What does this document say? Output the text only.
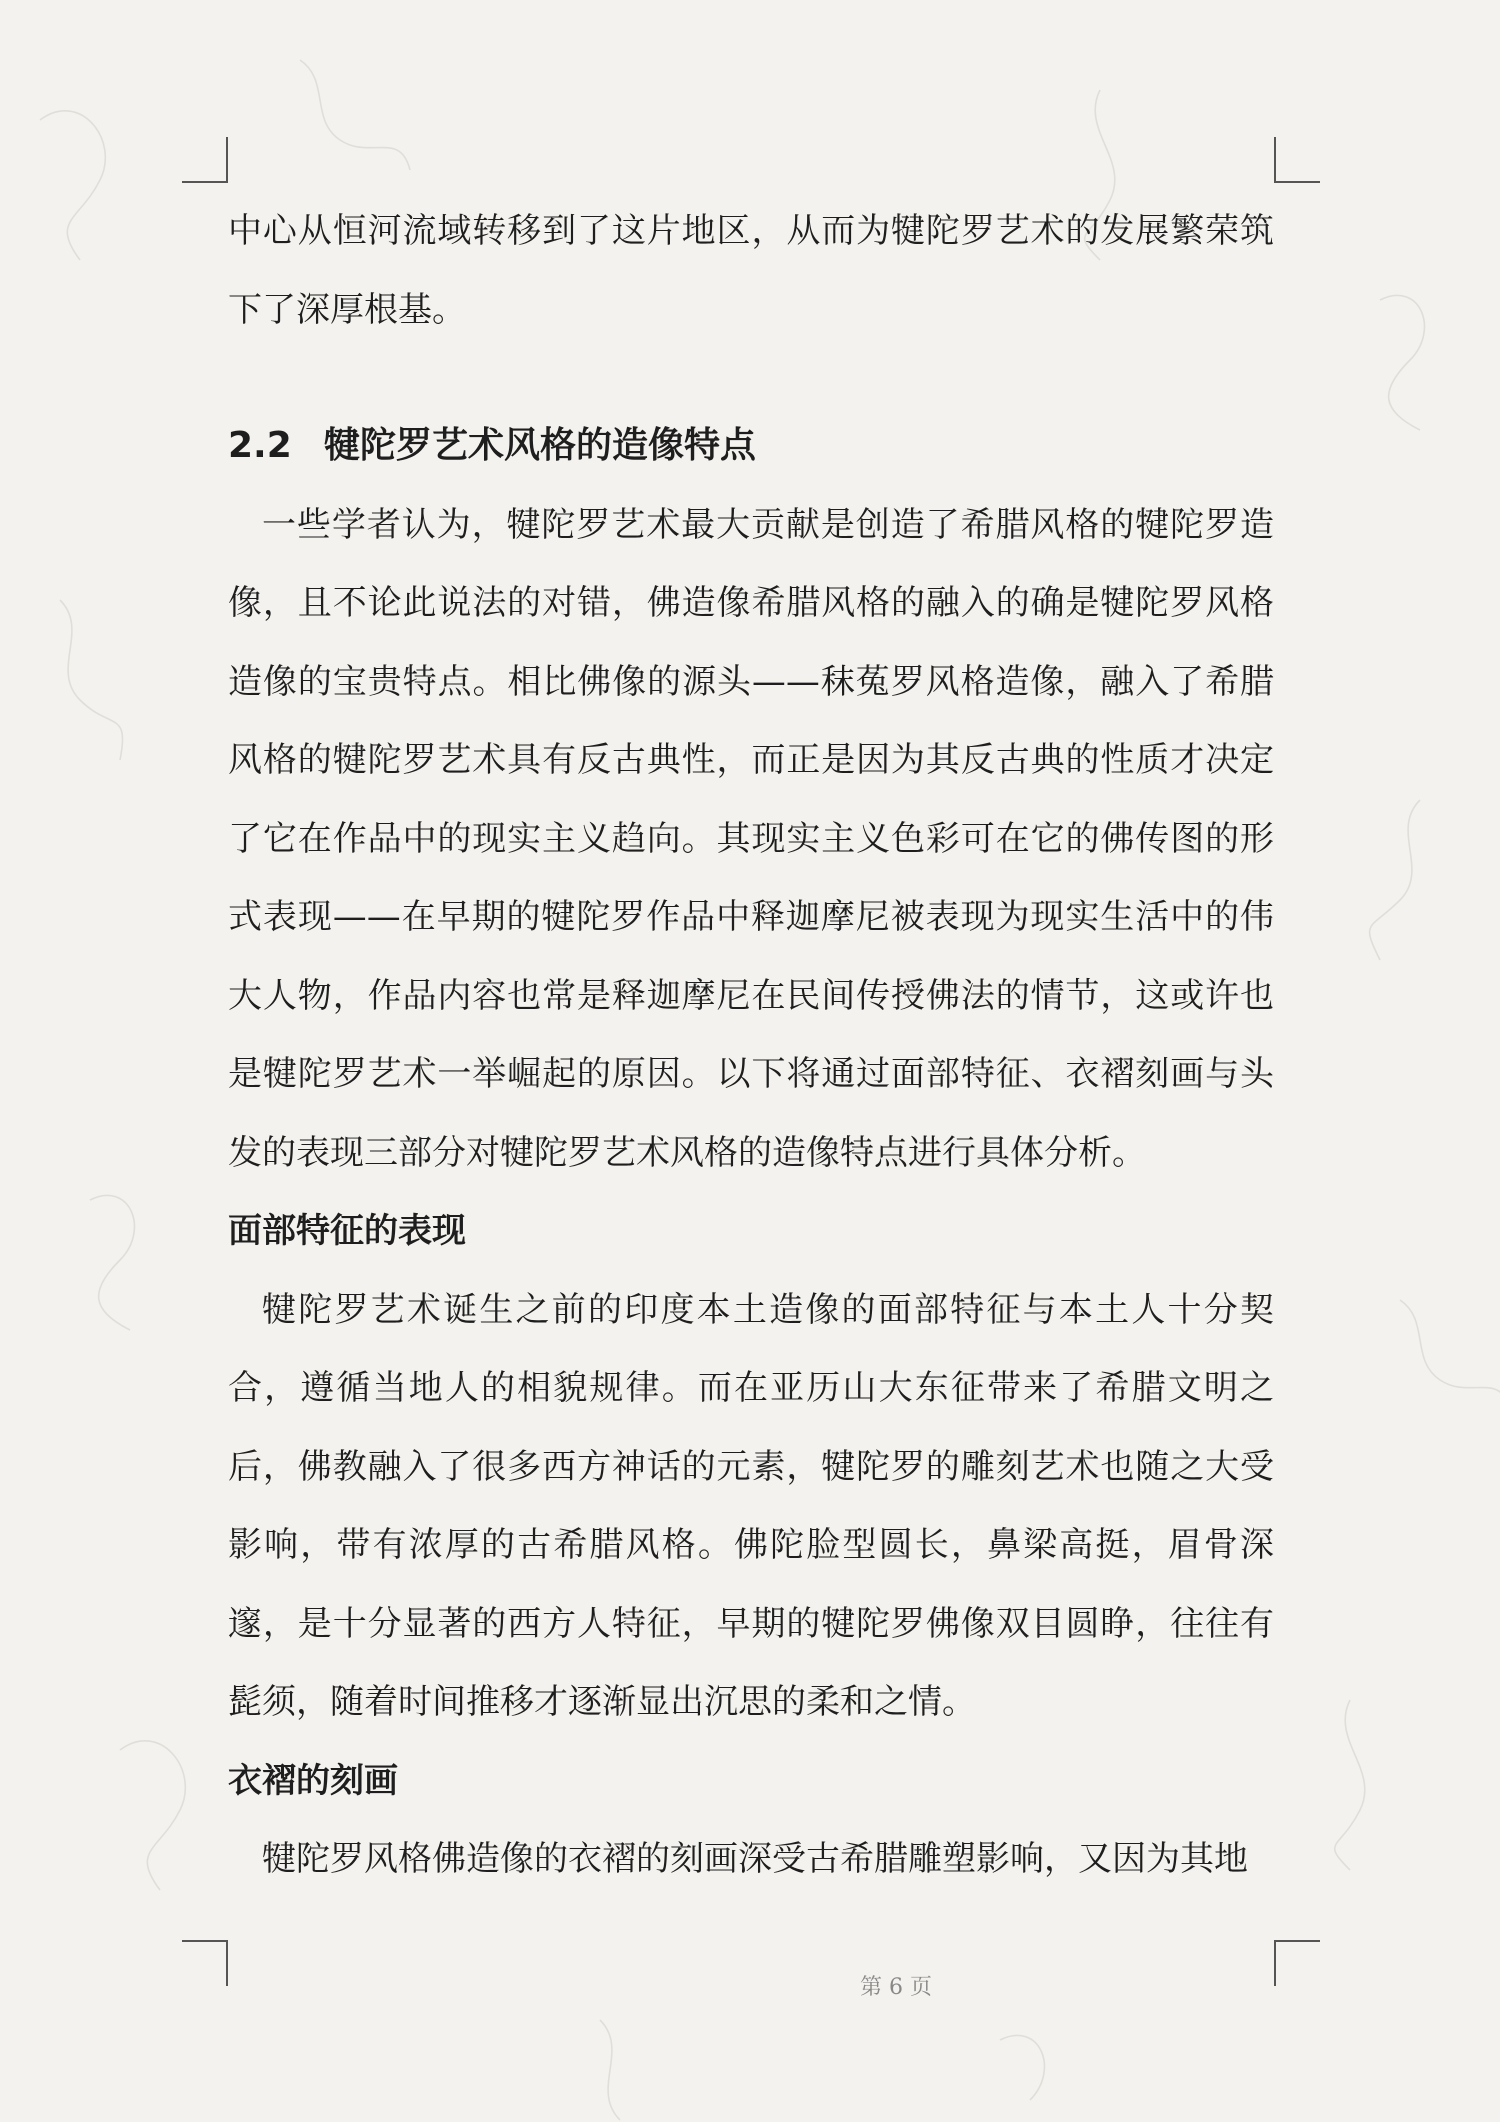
中心从恒河流域转移到了这片地区，从而为犍陀罗艺术的发展繁荣筑下了深厚根基。

2.2 犍陀罗艺术风格的造像特点

一些学者认为，犍陀罗艺术最大贡献是创造了希腊风格的犍陀罗造像，且不论此说法的对错，佛造像希腊风格的融入的确是犍陀罗风格造像的宝贵特点。相比佛像的源头——秣菟罗风格造像，融入了希腊风格的犍陀罗艺术具有反古典性，而正是因为其反古典的性质才决定了它在作品中的现实主义趋向。其现实主义色彩可在它的佛传图的形式表现——在早期的犍陀罗作品中释迦摩尼被表现为现实生活中的伟大人物，作品内容也常是释迦摩尼在民间传授佛法的情节，这或许也是犍陀罗艺术一举崛起的原因。以下将通过面部特征、衣褶刻画与头发的表现三部分对犍陀罗艺术风格的造像特点进行具体分析。

面部特征的表现

犍陀罗艺术诞生之前的印度本土造像的面部特征与本土人十分契合，遵循当地人的相貌规律。而在亚历山大东征带来了希腊文明之后，佛教融入了很多西方神话的元素，犍陀罗的雕刻艺术也随之大受影响，带有浓厚的古希腊风格。佛陀脸型圆长，鼻梁高挺，眉骨深邃，是十分显著的西方人特征，早期的犍陀罗佛像双目圆睁，往往有髭须，随着时间推移才逐渐显出沉思的柔和之情。

衣褶的刻画

犍陀罗风格佛造像的衣褶的刻画深受古希腊雕塑影响，又因为其地

第 6 页
